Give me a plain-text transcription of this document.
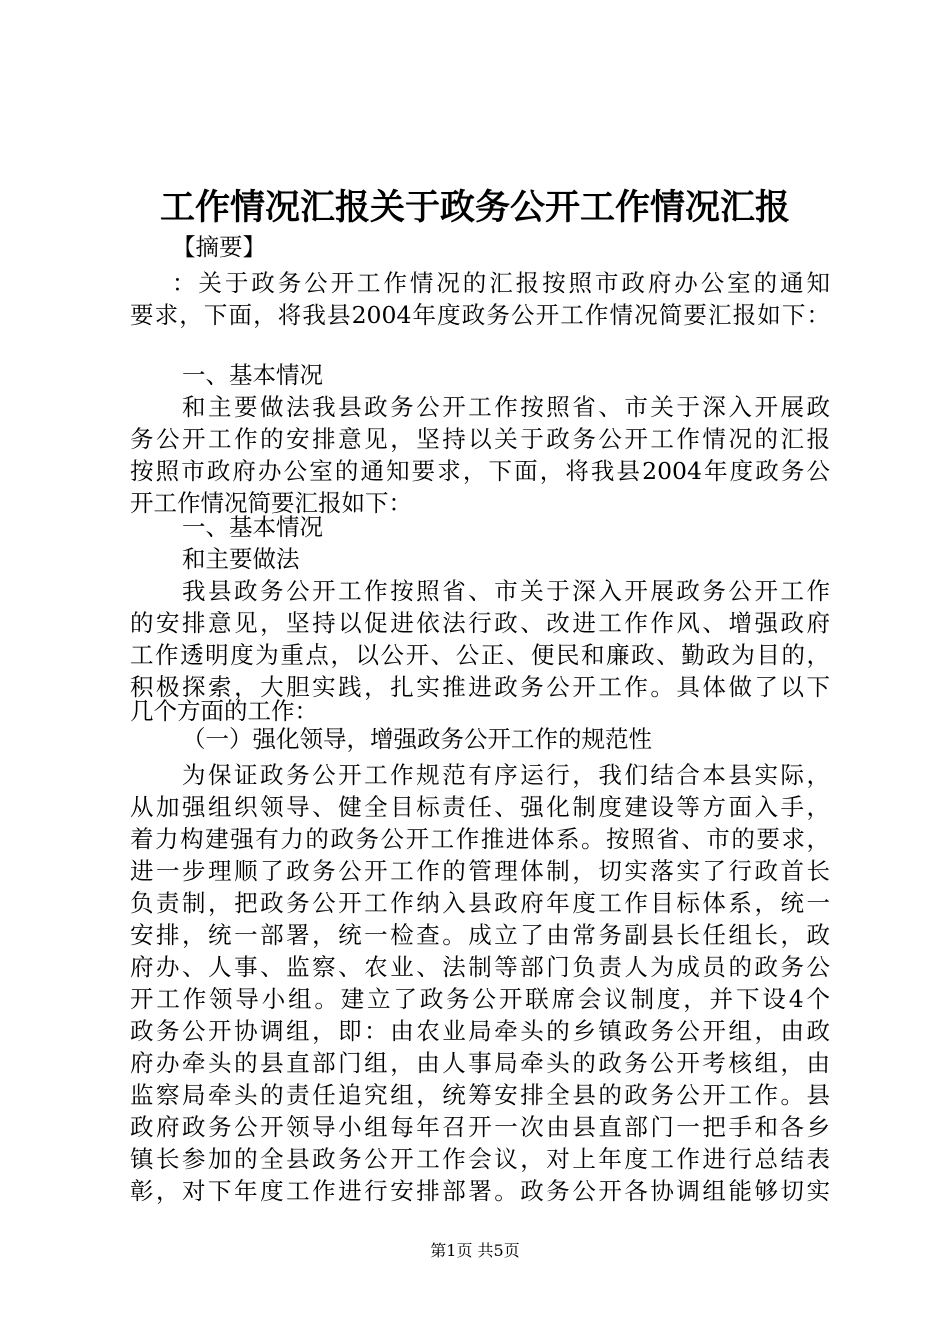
工作情况汇报关于政务公开工作情况汇报
【摘要】
：关于政务公开工作情况的汇报按照市政府办公室的通知
要求，下面，将我县2004年度政务公开工作情况简要汇报如下：
一、基本情况
和主要做法我县政务公开工作按照省、市关于深入开展政
务公开工作的安排意见，坚持以关于政务公开工作情况的汇报
按照市政府办公室的通知要求，下面，将我县2004年度政务公
开工作情况简要汇报如下：
一、基本情况
和主要做法
我县政务公开工作按照省、市关于深入开展政务公开工作
的安排意见，坚持以促进依法行政、改进工作作风、增强政府
工作透明度为重点，以公开、公正、便民和廉政、勤政为目的，
积极探索，大胆实践，扎实推进政务公开工作。具体做了以下
几个方面的工作：
（一）强化领导，增强政务公开工作的规范性
为保证政务公开工作规范有序运行，我们结合本县实际，
从加强组织领导、健全目标责任、强化制度建设等方面入手，
着力构建强有力的政务公开工作推进体系。按照省、市的要求，
进一步理顺了政务公开工作的管理体制，切实落实了行政首长
负责制，把政务公开工作纳入县政府年度工作目标体系，统一
安排，统一部署，统一检查。成立了由常务副县长任组长，政
府办、人事、监察、农业、法制等部门负责人为成员的政务公
开工作领导小组。建立了政务公开联席会议制度，并下设4个
政务公开协调组，即：由农业局牵头的乡镇政务公开组，由政
府办牵头的县直部门组，由人事局牵头的政务公开考核组，由
监察局牵头的责任追究组，统筹安排全县的政务公开工作。县
政府政务公开领导小组每年召开一次由县直部门一把手和各乡
镇长参加的全县政务公开工作会议，对上年度工作进行总结表
彰，对下年度工作进行安排部署。政务公开各协调组能够切实
第1页 共5页
